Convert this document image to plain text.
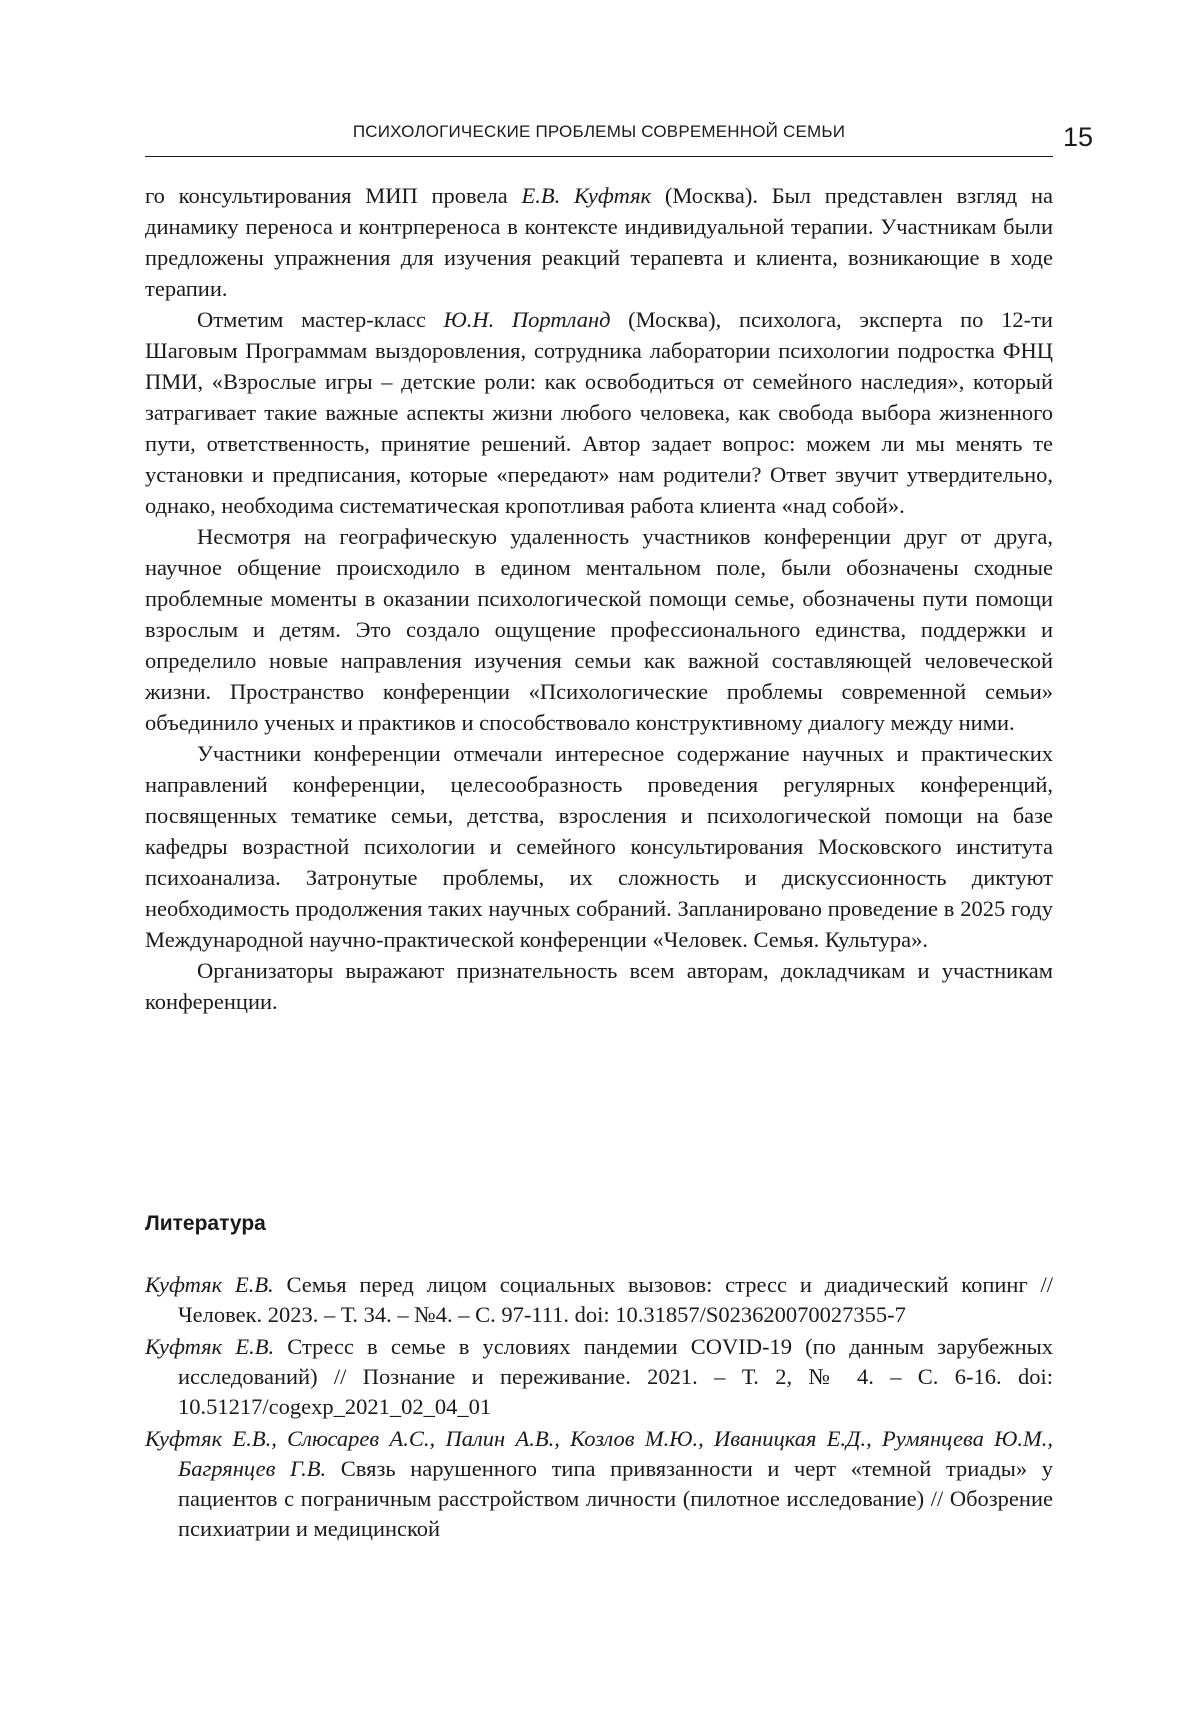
ПСИХОЛОГИЧЕСКИЕ ПРОБЛЕМЫ СОВРЕМЕННОЙ СЕМЬИ	15

го консультирования МИП провела Е.В. Куфтяк (Москва). Был представлен взгляд на динамику переноса и контрпереноса в контексте индивидуальной терапии. Участникам были предложены упражнения для изучения реакций терапевта и клиента, возникающие в ходе терапии.

Отметим мастер-класс Ю.Н. Портланд (Москва), психолога, эксперта по 12-ти Шаговым Программам выздоровления, сотрудника лаборатории психологии подростка ФНЦ ПМИ, «Взрослые игры – детские роли: как освободиться от семейного наследия», который затрагивает такие важные аспекты жизни любого человека, как свобода выбора жизненного пути, ответственность, принятие решений. Автор задает вопрос: можем ли мы менять те установки и предписания, которые «передают» нам родители? Ответ звучит утвердительно, однако, необходима систематическая кропотливая работа клиента «над собой».

Несмотря на географическую удаленность участников конференции друг от друга, научное общение происходило в едином ментальном поле, были обозначены сходные проблемные моменты в оказании психологической помощи семье, обозначены пути помощи взрослым и детям. Это создало ощущение профессионального единства, поддержки и определило новые направления изучения семьи как важной составляющей человеческой жизни. Пространство конференции «Психологические проблемы современной семьи» объединило ученых и практиков и способствовало конструктивному диалогу между ними.

Участники конференции отмечали интересное содержание научных и практических направлений конференции, целесообразность проведения регулярных конференций, посвященных тематике семьи, детства, взросления и психологической помощи на базе кафедры возрастной психологии и семейного консультирования Московского института психоанализа. Затронутые проблемы, их сложность и дискуссионность диктуют необходимость продолжения таких научных собраний. Запланировано проведение в 2025 году Международной научно-практической конференции «Человек. Семья. Культура».

Организаторы выражают признательность всем авторам, докладчикам и участникам конференции.

Литература

Куфтяк Е.В. Семья перед лицом социальных вызовов: стресс и диадический копинг // Человек. 2023. – Т. 34. – №4. – С. 97-111. doi: 10.31857/S023620070027355-7

Куфтяк Е.В. Стресс в семье в условиях пандемии COVID-19 (по данным зарубежных исследований) // Познание и переживание. 2021. – Т. 2, № 4. – С. 6-16. doi: 10.51217/cogexp_2021_02_04_01

Куфтяк Е.В., Слюсарев А.С., Палин А.В., Козлов М.Ю., Иваницкая Е.Д., Румянцева Ю.М., Багрянцев Г.В. Связь нарушенного типа привязанности и черт «темной триады» у пациентов с пограничным расстройством личности (пилотное исследование) // Обозрение психиатрии и медицинской
